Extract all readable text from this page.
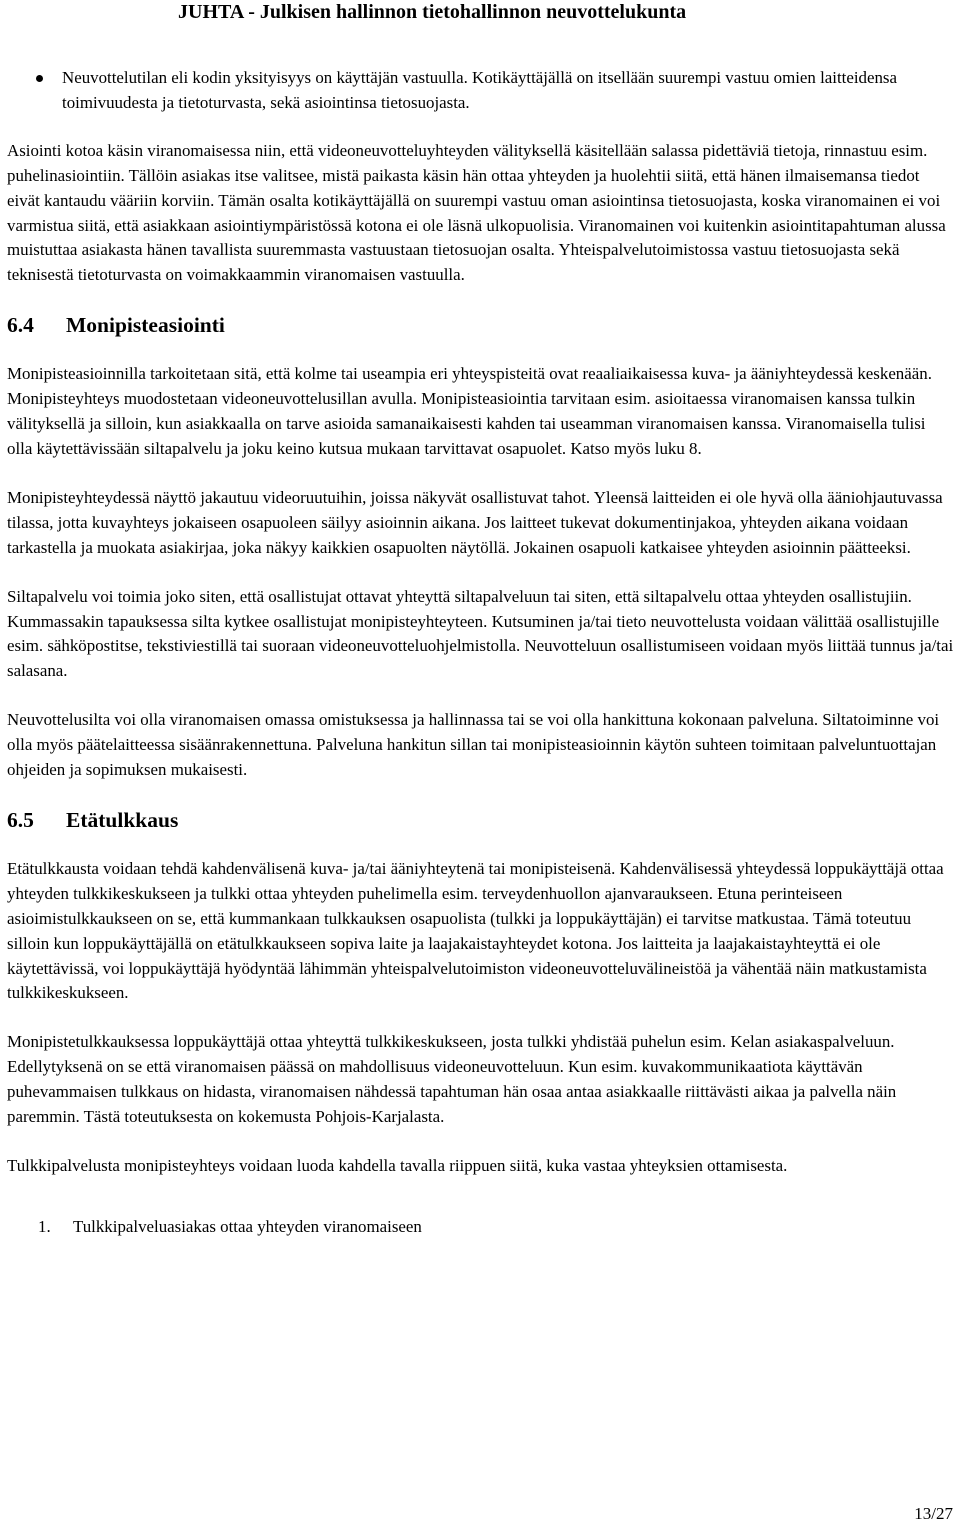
JUHTA - Julkisen hallinnon tietohallinnon neuvottelukunta
Neuvottelutilan eli kodin yksityisyys on käyttäjän vastuulla. Kotikäyttäjällä on itsellään suurempi vastuu omien laitteidensa toimivuudesta ja tietoturvasta, sekä asiointinsa tietosuojasta.

Asiointi kotoa käsin viranomaisessa niin, että videoneuvotteluyhteyden välityksellä käsitellään salassa pidettäviä tietoja, rinnastuu esim. puhelinasiointiin. Tällöin asiakas itse valitsee, mistä paikasta käsin hän ottaa yhteyden ja huolehtii siitä, että hänen ilmaisemansa tiedot eivät kantaudu vääriin korviin. Tämän osalta kotikäyttäjällä on suurempi vastuu oman asiointinsa tietosuojasta, koska viranomainen ei voi varmistua siitä, että asiakkaan asiointiympäristössä kotona ei ole läsnä ulkopuolisia. Viranomainen voi kuitenkin asiointitapahtuman alussa muistuttaa asiakasta hänen tavallista suuremmasta vastuustaan tietosuojan osalta. Yhteispalvelutoimistossa vastuu tietosuojasta sekä teknisestä tietoturvasta on voimakkaammin viranomaisen vastuulla.

6.4 Monipisteasiointi

Monipisteasioinnilla tarkoitetaan sitä, että kolme tai useampia eri yhteyspisteitä ovat reaaliaikaisessa kuva- ja ääniyhteydessä keskenään. Monipisteyhteys muodostetaan videoneuvottelusillan avulla. Monipisteasiointia tarvitaan esim. asioitaessa viranomaisen kanssa tulkin välityksellä ja silloin, kun asiakkaalla on tarve asioida samanaikaisesti kahden tai useamman viranomaisen kanssa. Viranomaisella tulisi olla käytettävissään siltapalvelu ja joku keino kutsua mukaan tarvittavat osapuolet. Katso myös luku 8.

Monipisteyhteydessä näyttö jakautuu videoruutuihin, joissa näkyvät osallistuvat tahot. Yleensä laitteiden ei ole hyvä olla ääniohjautuvassa tilassa, jotta kuvayhteys jokaiseen osapuoleen säilyy asioinnin aikana. Jos laitteet tukevat dokumentinjakoa, yhteyden aikana voidaan tarkastella ja muokata asiakirjaa, joka näkyy kaikkien osapuolten näytöllä. Jokainen osapuoli katkaisee yhteyden asioinnin päätteeksi.

Siltapalvelu voi toimia joko siten, että osallistujat ottavat yhteyttä siltapalveluun tai siten, että siltapalvelu ottaa yhteyden osallistujiin. Kummassakin tapauksessa silta kytkee osallistujat monipisteyhteyteen. Kutsuminen ja/tai tieto neuvottelusta voidaan välittää osallistujille esim. sähköpostitse, tekstiviestillä tai suoraan videoneuvotteluohjelmistolla. Neuvotteluun osallistumiseen voidaan myös liittää tunnus ja/tai salasana.

Neuvottelusilta voi olla viranomaisen omassa omistuksessa ja hallinnassa tai se voi olla hankittuna kokonaan palveluna. Siltatoiminne voi olla myös päätelaitteessa sisäänrakennettuna. Palveluna hankitun sillan tai monipisteasioinnin käytön suhteen toimitaan palveluntuottajan ohjeiden ja sopimuksen mukaisesti.

6.5 Etätulkkaus

Etätulkkausta voidaan tehdä kahdenvälisenä kuva- ja/tai ääniyhteytenä tai monipisteisenä. Kahdenvälisessä yhteydessä loppukäyttäjä ottaa yhteyden tulkkikeskukseen ja tulkki ottaa yhteyden puhelimella esim. terveydenhuollon ajanvaraukseen. Etuna perinteiseen asioimistulkkaukseen on se, että kummankaan tulkkauksen osapuolista (tulkki ja loppukäyttäjän) ei tarvitse matkustaa. Tämä toteutuu silloin kun loppukäyttäjällä on etätulkkaukseen sopiva laite ja laajakaistayhteydet kotona. Jos laitteita ja laajakaistayhteyttä ei ole käytettävissä, voi loppukäyttäjä hyödyntää lähimmän yhteispalvelutoimiston videoneuvotteluvälineistöä ja vähentää näin matkustamista tulkkikeskukseen.

Monipistetulkkauksessa loppukäyttäjä ottaa yhteyttä tulkkikeskukseen, josta tulkki yhdistää puhelun esim. Kelan asiakaspalveluun. Edellytyksenä on se että viranomaisen päässä on mahdollisuus videoneuvotteluun. Kun esim. kuvakommunikaatiota käyttävän puhevammaisen tulkkaus on hidasta, viranomaisen nähdessä tapahtuman hän osaa antaa asiakkaalle riittävästi aikaa ja palvella näin paremmin. Tästä toteutuksesta on kokemusta Pohjois-Karjalasta.

Tulkkipalvelusta monipisteyhteys voidaan luoda kahdella tavalla riippuen siitä, kuka vastaa yhteyksien ottamisesta.

1. Tulkkipalveluasiakas ottaa yhteyden viranomaiseen
13/27
